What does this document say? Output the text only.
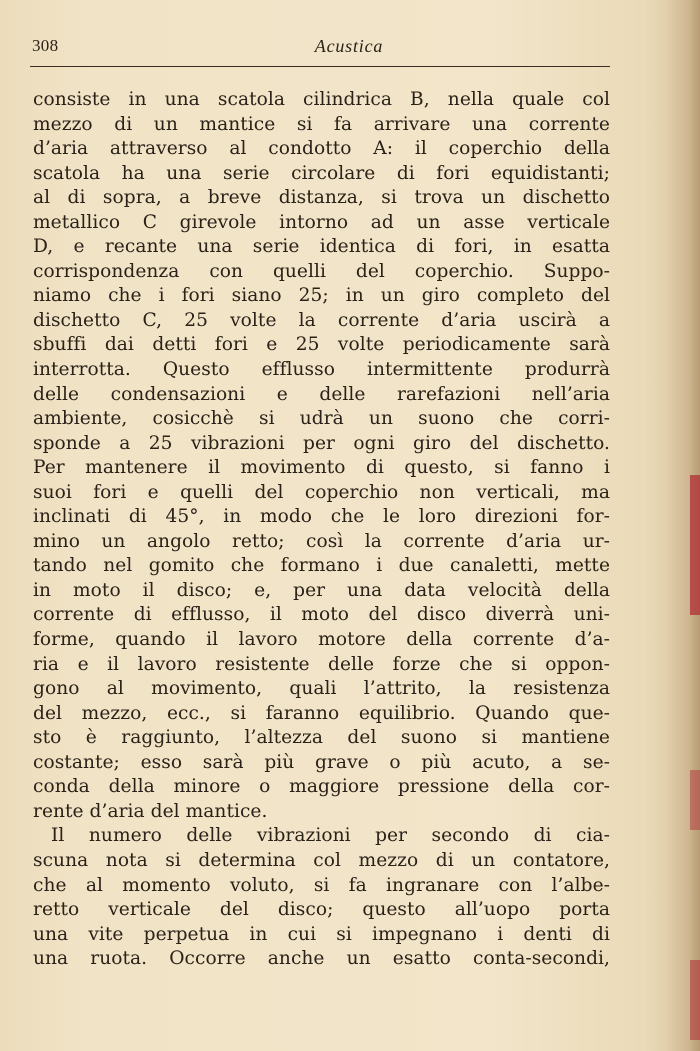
308	Acustica
consiste in una scatola cilindrica B, nella quale col
mezzo di un mantice si fa arrivare una corrente
d’aria attraverso al condotto A: il coperchio della
scatola ha una serie circolare di fori equidistanti;
al di sopra, a breve distanza, si trova un dischetto
metallico C girevole intorno ad un asse verticale
D, e recante una serie identica di fori, in esatta
corrispondenza con quelli del coperchio. Suppo-
niamo che i fori siano 25; in un giro completo del
dischetto C, 25 volte la corrente d’aria uscirà a
sbuffi dai detti fori e 25 volte periodicamente sarà
interrotta. Questo efflusso intermittente produrrà
delle condensazioni e delle rarefazioni nell’aria
ambiente, cosicchè si udrà un suono che corri-
sponde a 25 vibrazioni per ogni giro del dischetto.
Per mantenere il movimento di questo, si fanno i
suoi fori e quelli del coperchio non verticali, ma
inclinati di 45°, in modo che le loro direzioni for-
mino un angolo retto; così la corrente d’aria ur-
tando nel gomito che formano i due canaletti, mette
in moto il disco; e, per una data velocità della
corrente di efflusso, il moto del disco diverrà uni-
forme, quando il lavoro motore della corrente d’a-
ria e il lavoro resistente delle forze che si oppon-
gono al movimento, quali l’attrito, la resistenza
del mezzo, ecc., si faranno equilibrio. Quando que-
sto è raggiunto, l’altezza del suono si mantiene
costante; esso sarà più grave o più acuto, a se-
conda della minore o maggiore pressione della cor-
rente d’aria del mantice.
Il numero delle vibrazioni per secondo di cia-
scuna nota si determina col mezzo di un contatore,
che al momento voluto, si fa ingranare con l’albe-
retto verticale del disco; questo all’uopo porta
una vite perpetua in cui si impegnano i denti di
una ruota. Occorre anche un esatto conta-secondi,
